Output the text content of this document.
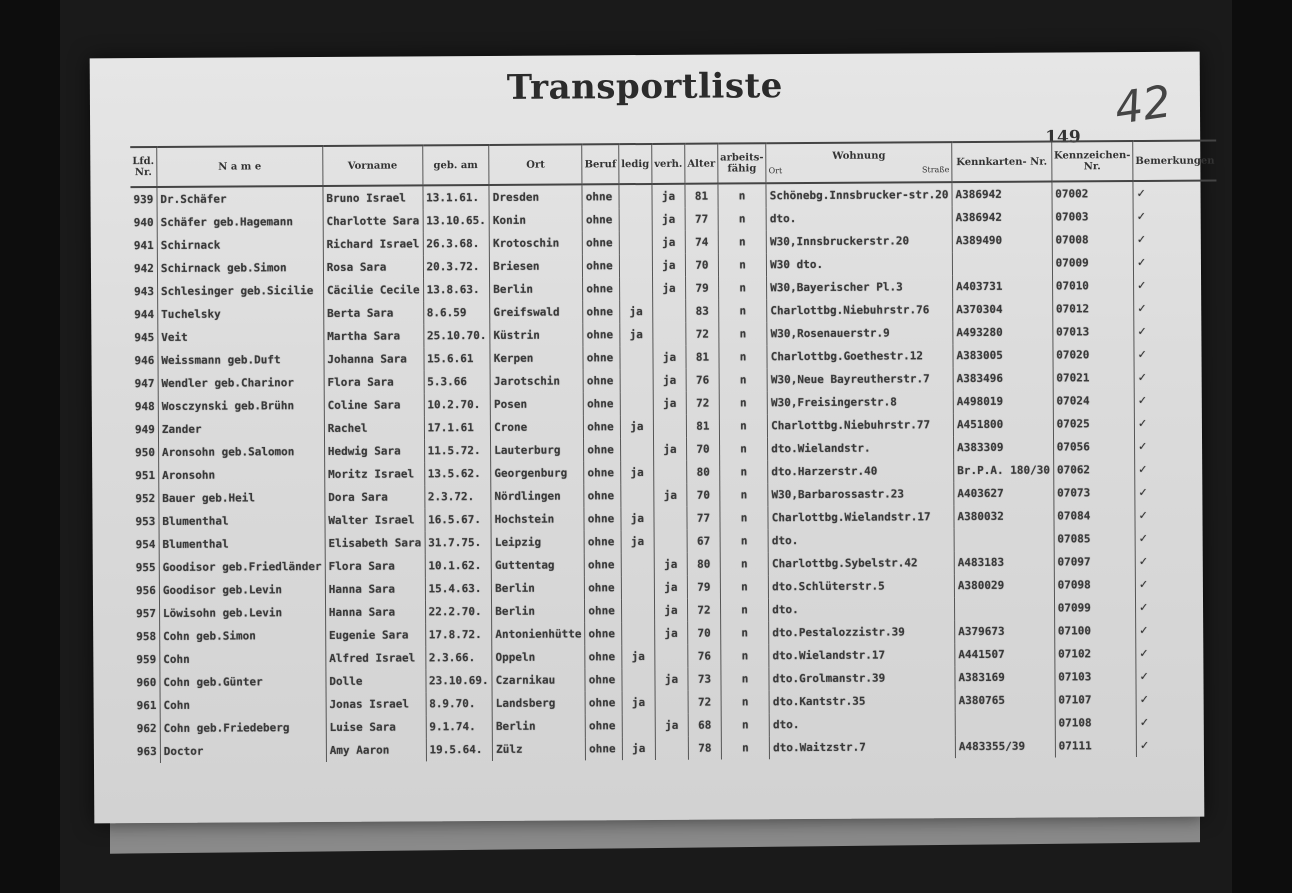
Transportliste	42
149
Lfd. Nr.	N a m e	Vorname	geb. am	Ort	Beruf	ledig	verh.	Alter	arbeits- fähig	Wohnung
Ort Straße	Kennkarten- Nr.	Kennzeichen- Nr.	Bemerkungen
939	Dr.Schäfer	Bruno Israel	13.1.61.	Dresden	ohne		ja	81	n	Schönebg.Innsbrucker-str.20	A386942	07002	✓
940	Schäfer geb.Hagemann	Charlotte Sara	13.10.65.	Konin	ohne		ja	77	n	dto.	A386942	07003	✓
941	Schirnack	Richard Israel	26.3.68.	Krotoschin	ohne		ja	74	n	W30,Innsbruckerstr.20	A389490	07008	✓
942	Schirnack geb.Simon	Rosa Sara	20.3.72.	Briesen	ohne		ja	70	n	W30 dto.		07009	✓
943	Schlesinger geb.Sicilie	Cäcilie Cecile	13.8.63.	Berlin	ohne		ja	79	n	W30,Bayerischer Pl.3	A403731	07010	✓
944	Tuchelsky	Berta Sara	8.6.59	Greifswald	ohne	ja		83	n	Charlottbg.Niebuhrstr.76	A370304	07012	✓
945	Veit	Martha Sara	25.10.70.	Küstrin	ohne	ja		72	n	W30,Rosenauerstr.9	A493280	07013	✓
946	Weissmann geb.Duft	Johanna Sara	15.6.61	Kerpen	ohne		ja	81	n	Charlottbg.Goethestr.12	A383005	07020	✓
947	Wendler geb.Charinor	Flora Sara	5.3.66	Jarotschin	ohne		ja	76	n	W30,Neue Bayreutherstr.7	A383496	07021	✓
948	Wosczynski geb.Brühn	Coline Sara	10.2.70.	Posen	ohne		ja	72	n	W30,Freisingerstr.8	A498019	07024	✓
949	Zander	Rachel	17.1.61	Crone	ohne	ja		81	n	Charlottbg.Niebuhrstr.77	A451800	07025	✓
950	Aronsohn geb.Salomon	Hedwig Sara	11.5.72.	Lauterburg	ohne		ja	70	n	dto.Wielandstr.	A383309	07056	✓
951	Aronsohn	Moritz Israel	13.5.62.	Georgenburg	ohne	ja		80	n	dto.Harzerstr.40	Br.P.A. 180/30	07062	✓
952	Bauer geb.Heil	Dora Sara	2.3.72.	Nördlingen	ohne		ja	70	n	W30,Barbarossastr.23	A403627	07073	✓
953	Blumenthal	Walter Israel	16.5.67.	Hochstein	ohne	ja		77	n	Charlottbg.Wielandstr.17	A380032	07084	✓
954	Blumenthal	Elisabeth Sara	31.7.75.	Leipzig	ohne	ja		67	n	dto.		07085	✓
955	Goodisor geb.Friedländer	Flora Sara	10.1.62.	Guttentag	ohne		ja	80	n	Charlottbg.Sybelstr.42	A483183	07097	✓
956	Goodisor geb.Levin	Hanna Sara	15.4.63.	Berlin	ohne		ja	79	n	dto.Schlüterstr.5	A380029	07098	✓
957	Löwisohn geb.Levin	Hanna Sara	22.2.70.	Berlin	ohne		ja	72	n	dto.		07099	✓
958	Cohn geb.Simon	Eugenie Sara	17.8.72.	Antonienhütte	ohne		ja	70	n	dto.Pestalozzistr.39	A379673	07100	✓
959	Cohn	Alfred Israel	2.3.66.	Oppeln	ohne	ja		76	n	dto.Wielandstr.17	A441507	07102	✓
960	Cohn geb.Günter	Dolle	23.10.69.	Czarnikau	ohne		ja	73	n	dto.Grolmanstr.39	A383169	07103	✓
961	Cohn	Jonas Israel	8.9.70.	Landsberg	ohne	ja		72	n	dto.Kantstr.35	A380765	07107	✓
962	Cohn geb.Friedeberg	Luise Sara	9.1.74.	Berlin	ohne		ja	68	n	dto.		07108	✓
963	Doctor	Amy Aaron	19.5.64.	Zülz	ohne	ja		78	n	dto.Waitzstr.7	A483355/39	07111	✓
